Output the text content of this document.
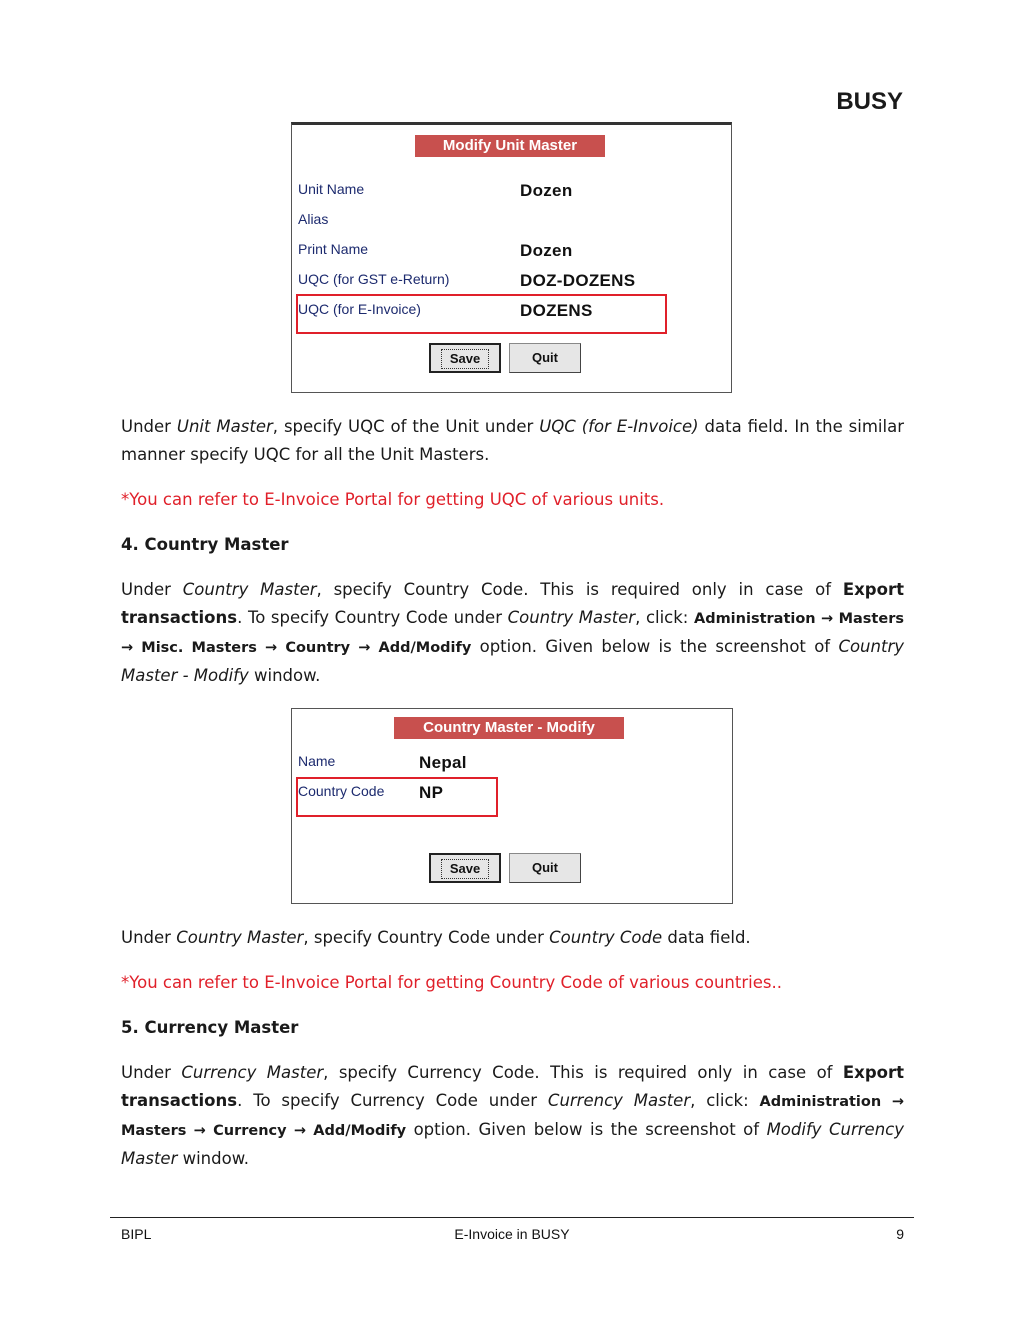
BUSY
Modify Unit Master
Unit Name	Dozen
Alias
Print Name	Dozen
UQC (for GST e-Return)	DOZ-DOZENS
UQC (for E-Invoice)	DOZENS
Save	Quit
Under Unit Master, specify UQC of the Unit under UQC (for E-Invoice) data field. In the similar manner specify UQC for all the Unit Masters.
*You can refer to E-Invoice Portal for getting UQC of various units.
4. Country Master
Under Country Master, specify Country Code. This is required only in case of Export transactions. To specify Country Code under Country Master, click: Administration → Masters → Misc. Masters → Country → Add/Modify option. Given below is the screenshot of Country Master - Modify window.
Country Master - Modify
Name	Nepal
Country Code NP
Save	Quit
Under Country Master, specify Country Code under Country Code data field.
*You can refer to E-Invoice Portal for getting Country Code of various countries..
5. Currency Master
Under Currency Master, specify Currency Code. This is required only in case of Export transactions. To specify Currency Code under Currency Master, click: Administration → Masters → Currency → Add/Modify option. Given below is the screenshot of Modify Currency Master window.
BIPL	E-Invoice in BUSY	9
